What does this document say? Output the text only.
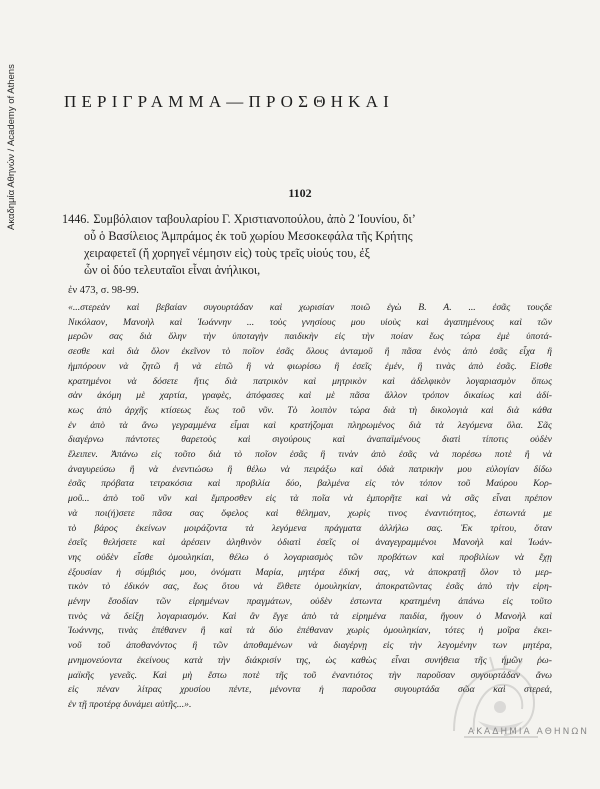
Ακαδημία Αθηνών / Academy of Athens	ΠΕΡΙΓΡΑΜΜΑ—ΠΡΟΣΘΗΚΑΙ
1102
1446. Συμβόλαιον ταβουλαρίου Γ. Χριστιανοπούλου, ἀπὸ 2 Ἰουνίου, δι’
οὗ ὁ Βασίλειος Ἀμπράμος ἐκ τοῦ χωρίου Μεσοκεφάλα τῆς Κρήτης
χειραφετεῖ (ἤ χορηγεῖ νέμησιν εἰς) τοὺς τρεῖς υἱούς του, ἐξ
ὧν οἱ δύο τελευταῖοι εἶναι ἀνήλικοι,
ἐν 473, σ. 98-99.
«...στερεὰν καὶ βεβαίαν συγουρτάδαν καὶ χωρισίαν ποιῶ ἐγὼ Β. Α. ... ἐσᾶς τουςδε
Νικόλαον, Μανοὴλ καὶ Ἰωάννην ... τοὺς γνησίους μου υἱοὺς καὶ ἀγαπημένους καὶ τῶν
μερῶν σας διὰ ὅλην τὴν ὑποταγὴν παιδικὴν εἰς τὴν ποίαν ἔως τώρα ἐμὲ ὑποτά-
σεσθε καὶ διὰ ὅλον ἐκεῖνον τὸ ποῖον ἐσᾶς ὅλους ἀνταμοῦ ἢ πᾶσα ἑνὸς ἀπὸ ἐσᾶς εἶχα ἢ
ἠμπόρουν νὰ ζητῶ ἢ νὰ εἰπῶ ἢ νὰ φιωρίσω ἢ ἐσεῖς ἐμέν, ἢ τινὰς ἀπὸ ἐσᾶς. Εἰσθε
κρατημένοι νὰ δόσετε ἤτις διὰ πατρικὸν καὶ μητρικὸν καὶ ἀδελφικὸν λογαριασμὸν ὅπως
σὰν ἀκόμη μὲ χαρτία, γραφὲς, ἀπόφασες καὶ μὲ πᾶσα ἄλλον τρόπον δικαίως καὶ ἀδί-
κως ἀπὸ ἀρχῆς κτίσεως ἕως τοῦ νῦν. Τὸ λοιπὸν τώρα διὰ τὴ δικολογιὰ καὶ διὰ κάθα
ἐν ἀπὸ τὰ ἄνω γεγραμμένα εἶμαι καὶ κρατήζομαι πληρωμένος διὰ τὰ λεγόμενα ὅλα. Σᾶς
διαγέρνω πάντοτες θαρετοὺς καὶ σιγούρους καὶ ἀναπαϊμένους διατὶ τίποτις οὐδὲν
ἔλειπεν. Ἀπάνω εἰς τοῦτο διὰ τὸ ποῖον ἐσᾶς ἢ τινὰν ἀπὸ ἐσᾶς νὰ πορέσω ποτὲ ἢ νὰ
ἀναγυρεύσω ἢ νὰ ἐνεντιώσω ἢ θέλω νὰ πειράξω καὶ ὁδιὰ πατρικὴν μου εὐλογίαν δίδω
ἐσᾶς πρόβατα τετρακόσια καὶ προβιλία δύο, βαλμένα εἰς τὸν τόπον τοῦ Μαύρου Κορ-
μοῦ... ἀπὸ τοῦ νῦν καὶ ἔμπροσθεν εἰς τὰ ποῖα νὰ ἐμπορῆτε καὶ νὰ σᾶς εἶναι πρέπον
νὰ ποι(ή)σετε πᾶσα σας ὄφελος καὶ θέλημαν, χωρὶς τινος ἐναντιότητος, ἐστωντά με
τὸ βάρος ἐκείνων μοιράζοντα τὰ λεγόμενα πράγματα ἀλλήλω σας. Ἐκ τρίτου, ὅταν
ἐσεῖς θελήσετε καὶ ἀρέσειν ἀληθινὸν ὁδιατὶ ἐσεῖς οἱ ἀναγεγραμμένοι Μανοὴλ καὶ Ἰωάν-
νης οὐδὲν εἶσθε ὁμουληκίαι, θέλω ὁ λογαριασμὸς τῶν προβάτων καὶ προβιλίων νὰ ἔχῃ
ἐξουσίαν ἡ σύμβιός μου, ὀνόματι Μαρία, μητέρα ἐδική σας, νὰ ἀποκρατῇ ὅλον τὸ μερ-
τικὸν τὸ ἐδικόν σας, ἕως ὅτου νὰ ἔλθετε ὁμουληκίαν, ἀποκρατῶντας ἐσᾶς ἀπὸ τὴν εἰρη-
μένην ἔσοδίαν τῶν εἰρημένων πραγμάτων, οὐδὲν ἐστωντα κρατημένη ἀπάνω εἰς τοῦτο
τινὸς νὰ δείξῃ λογαριασμόν. Καὶ ἂν ἔγγε ἀπὸ τὰ εἰρημένα παιδία, ἤγουν ὁ Μανοὴλ καὶ
Ἰωάννης, τινὰς ἐπέθανεν ἢ καὶ τὰ δύο ἐπέθαναν χωρὶς ὁμουληκίαν, τότες ἡ μοῖρα ἐκει-
νοῦ τοῦ ἀποθανόντος ἢ τῶν ἀποθαμένων νὰ διαγέρνῃ εἰς τὴν λεγομένην των μητέρα,
μνημονεύοντα ἐκείνους κατὰ τὴν διάκρισίν της, ὡς καθὼς εἶναι συνήθεια τῆς ἡμῶν ῥω-
μαϊκῆς γενεᾶς. Καὶ μὴ ἔστω ποτὲ τῆς τοῦ ἐναντιότος τὴν παροῦσαν συγουρτάδαν ἄνω
εἰς πέναν λίτρας χρυσίου πέντε, μένοντα ἡ παροῦσα συγουρτάδα σῶα καὶ στερεά,
ἐν τῇ προτέρᾳ δυνάμει αὐτῆς...».
ΑΚΑΔΗΜΙΑ ΑΘΗΝΩΝ
